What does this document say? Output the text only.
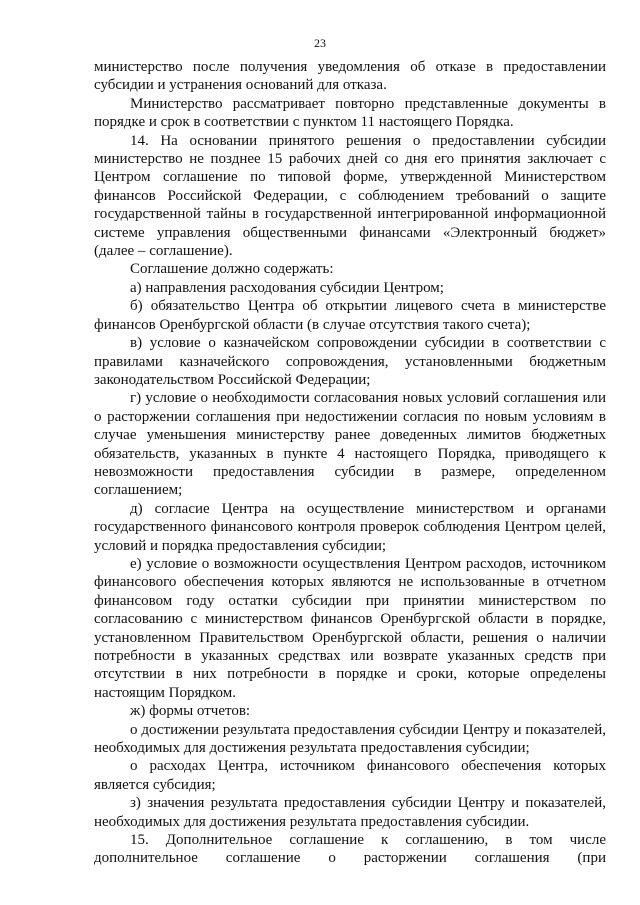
23

министерство после получения уведомления об отказе в предоставлении субсидии и устранения оснований для отказа.

Министерство рассматривает повторно представленные документы в порядке и срок в соответствии с пунктом 11 настоящего Порядка.

14. На основании принятого решения о предоставлении субсидии министерство не позднее 15 рабочих дней со дня его принятия заключает с Центром соглашение по типовой форме, утвержденной Министерством финансов Российской Федерации, с соблюдением требований о защите государственной тайны в государственной интегрированной информационной системе управления общественными финансами «Электронный бюджет» (далее – соглашение).

Соглашение должно содержать:

а) направления расходования субсидии Центром;

б) обязательство Центра об открытии лицевого счета в министерстве финансов Оренбургской области (в случае отсутствия такого счета);

в) условие о казначейском сопровождении субсидии в соответствии с правилами казначейского сопровождения, установленными бюджетным законодательством Российской Федерации;

г) условие о необходимости согласования новых условий соглашения или о расторжении соглашения при недостижении согласия по новым условиям в случае уменьшения министерству ранее доведенных лимитов бюджетных обязательств, указанных в пункте 4 настоящего Порядка, приводящего к невозможности предоставления субсидии в размере, определенном соглашением;

д) согласие Центра на осуществление министерством и органами государственного финансового контроля проверок соблюдения Центром целей, условий и порядка предоставления субсидии;

е) условие о возможности осуществления Центром расходов, источником финансового обеспечения которых являются не использованные в отчетном финансовом году остатки субсидии при принятии министерством по согласованию с министерством финансов Оренбургской области в порядке, установленном Правительством Оренбургской области, решения о наличии потребности в указанных средствах или возврате указанных средств при отсутствии в них потребности в порядке и сроки, которые определены настоящим Порядком.

ж) формы отчетов:

о достижении результата предоставления субсидии Центру и показателей, необходимых для достижения результата предоставления субсидии;

о расходах Центра, источником финансового обеспечения которых является субсидия;

з) значения результата предоставления субсидии Центру и показателей, необходимых для достижения результата предоставления субсидии.

15. Дополнительное соглашение к соглашению, в том числе дополнительное соглашение о расторжении соглашения (при
